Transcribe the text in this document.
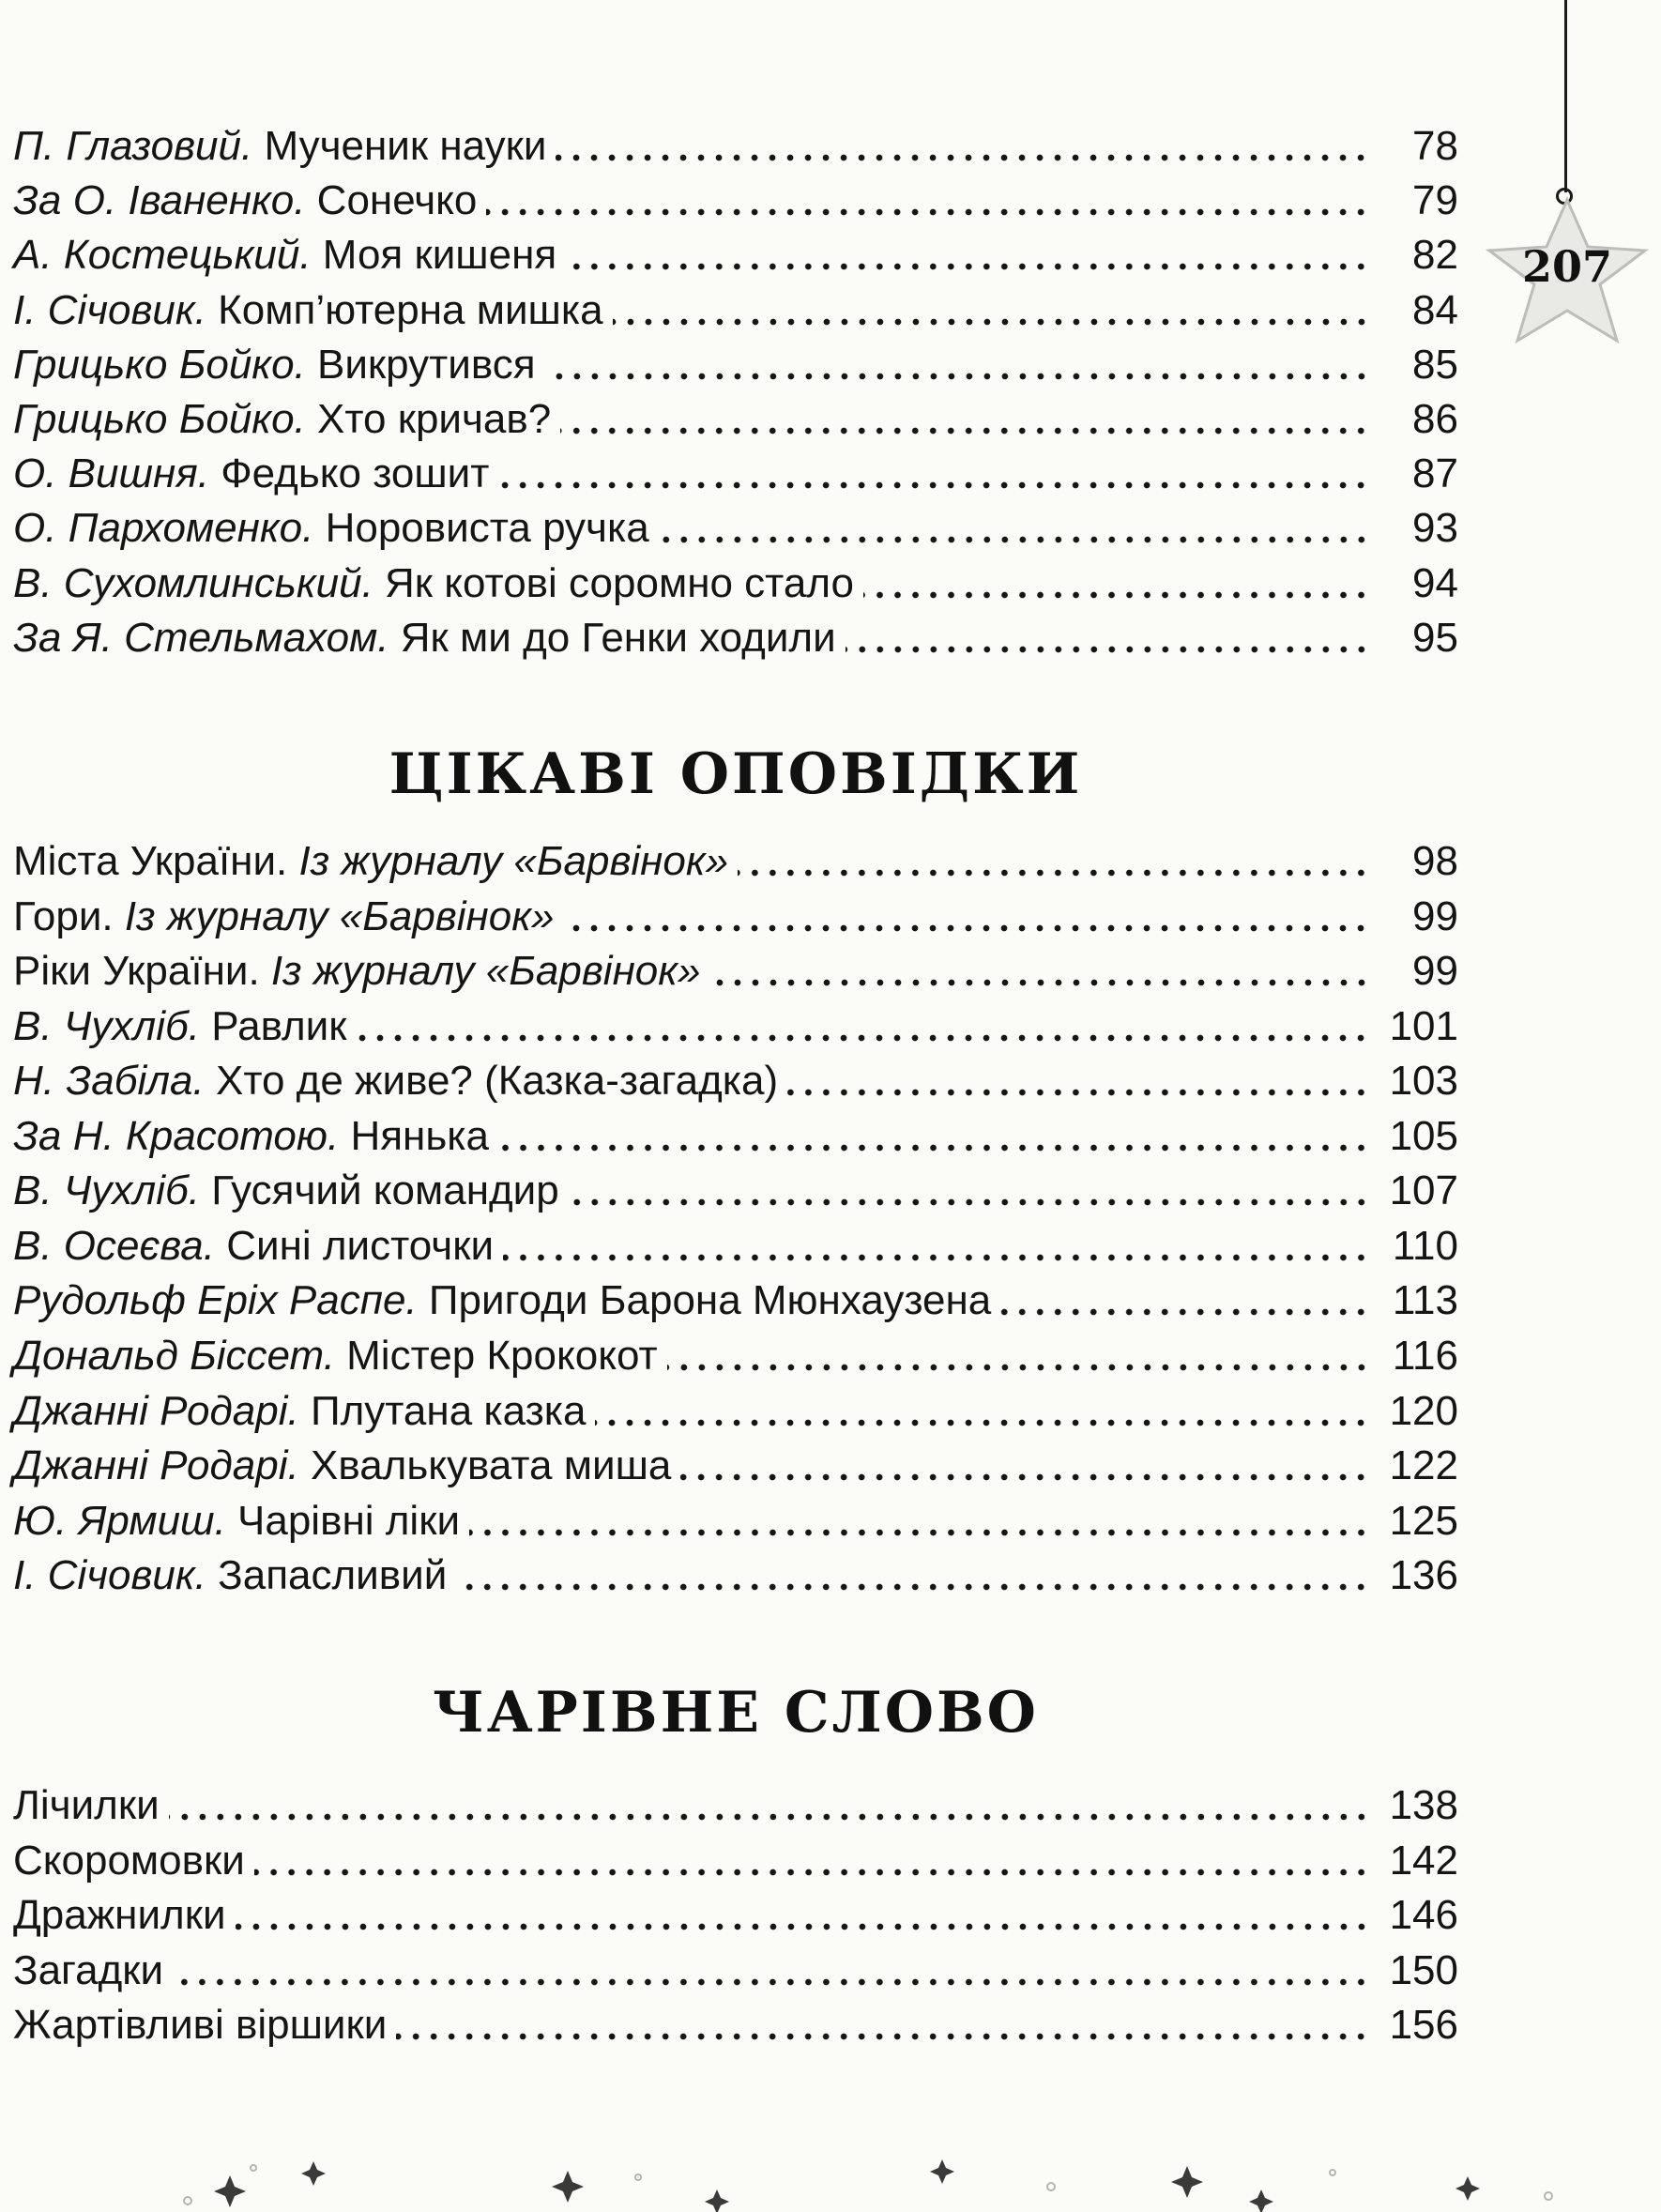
207
П. Глазовий. Мученик науки	78
За О. Іваненко. Сонечко	79
А. Костецький. Моя кишеня	82
І. Січовик. Комп’ютерна мишка	84
Грицько Бойко. Викрутився	85
Грицько Бойко. Хто кричав?	86
О. Вишня. Федько зошит	87
О. Пархоменко. Норовиста ручка	93
В. Сухомлинський. Як котові соромно стало	94
За Я. Стельмахом. Як ми до Генки ходили	95
ЦІКАВІ ОПОВІДКИ
Міста України. Із журналу «Барвінок»	98
Гори. Із журналу «Барвінок»	99
Ріки України. Із журналу «Барвінок»	99
В. Чухліб. Равлик	101
Н. Забіла. Хто де живе? (Казка-загадка)	103
За Н. Красотою. Нянька	105
В. Чухліб. Гусячий командир	107
В. Осеєва. Сині листочки	110
Рудольф Еріх Распе. Пригоди Барона Мюнхаузена	113
Дональд Біссет. Містер Крококот	116
Джанні Родарі. Плутана казка	120
Джанні Родарі. Хвалькувата миша	122
Ю. Ярмиш. Чарівні ліки	125
І. Січовик. Запасливий	136
ЧАРІВНЕ СЛОВО
Лічилки	138
Скоромовки	142
Дражнилки	146
Загадки	150
Жартівливі віршики	156
